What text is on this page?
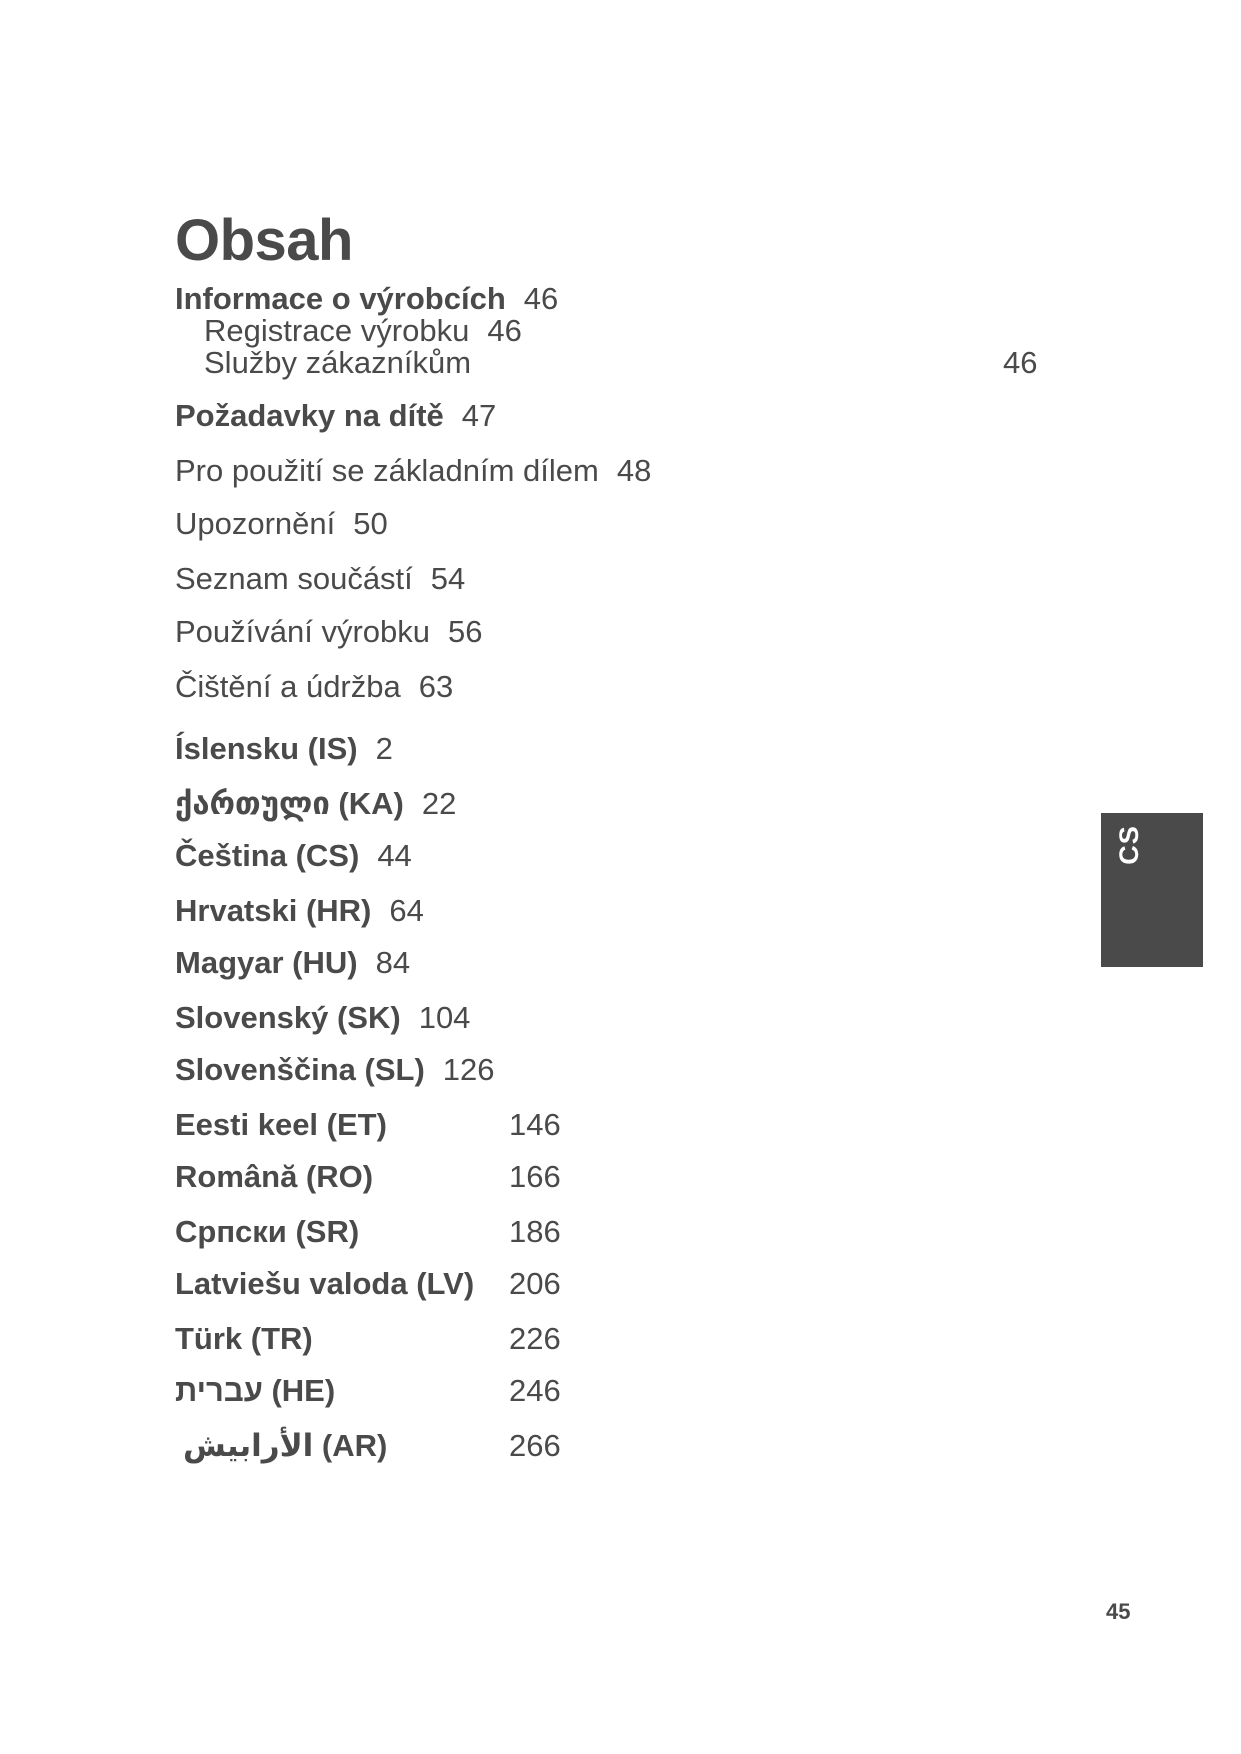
Obsah
Informace o výrobcích 46
Registrace výrobku 46
Služby zákazníkům	46
Požadavky na dítě 47
Pro použití se základním dílem 48
Upozornění 50
Seznam součástí 54
Používání výrobku 56
Čištění a údržba 63
Íslensku (IS) 2
ქართული (KA) 22
Čeština (CS) 44
Hrvatski (HR) 64
Magyar (HU) 84
Slovenský (SK) 104
Slovenščina (SL) 126
Eesti keel (ET)	146
Română (RO)	166
Српски (SR)	186
Latviešu valoda (LV) 206
Türk (TR)	226
עברית (HE)	246
الأرابيش (AR)	266
CS
45
